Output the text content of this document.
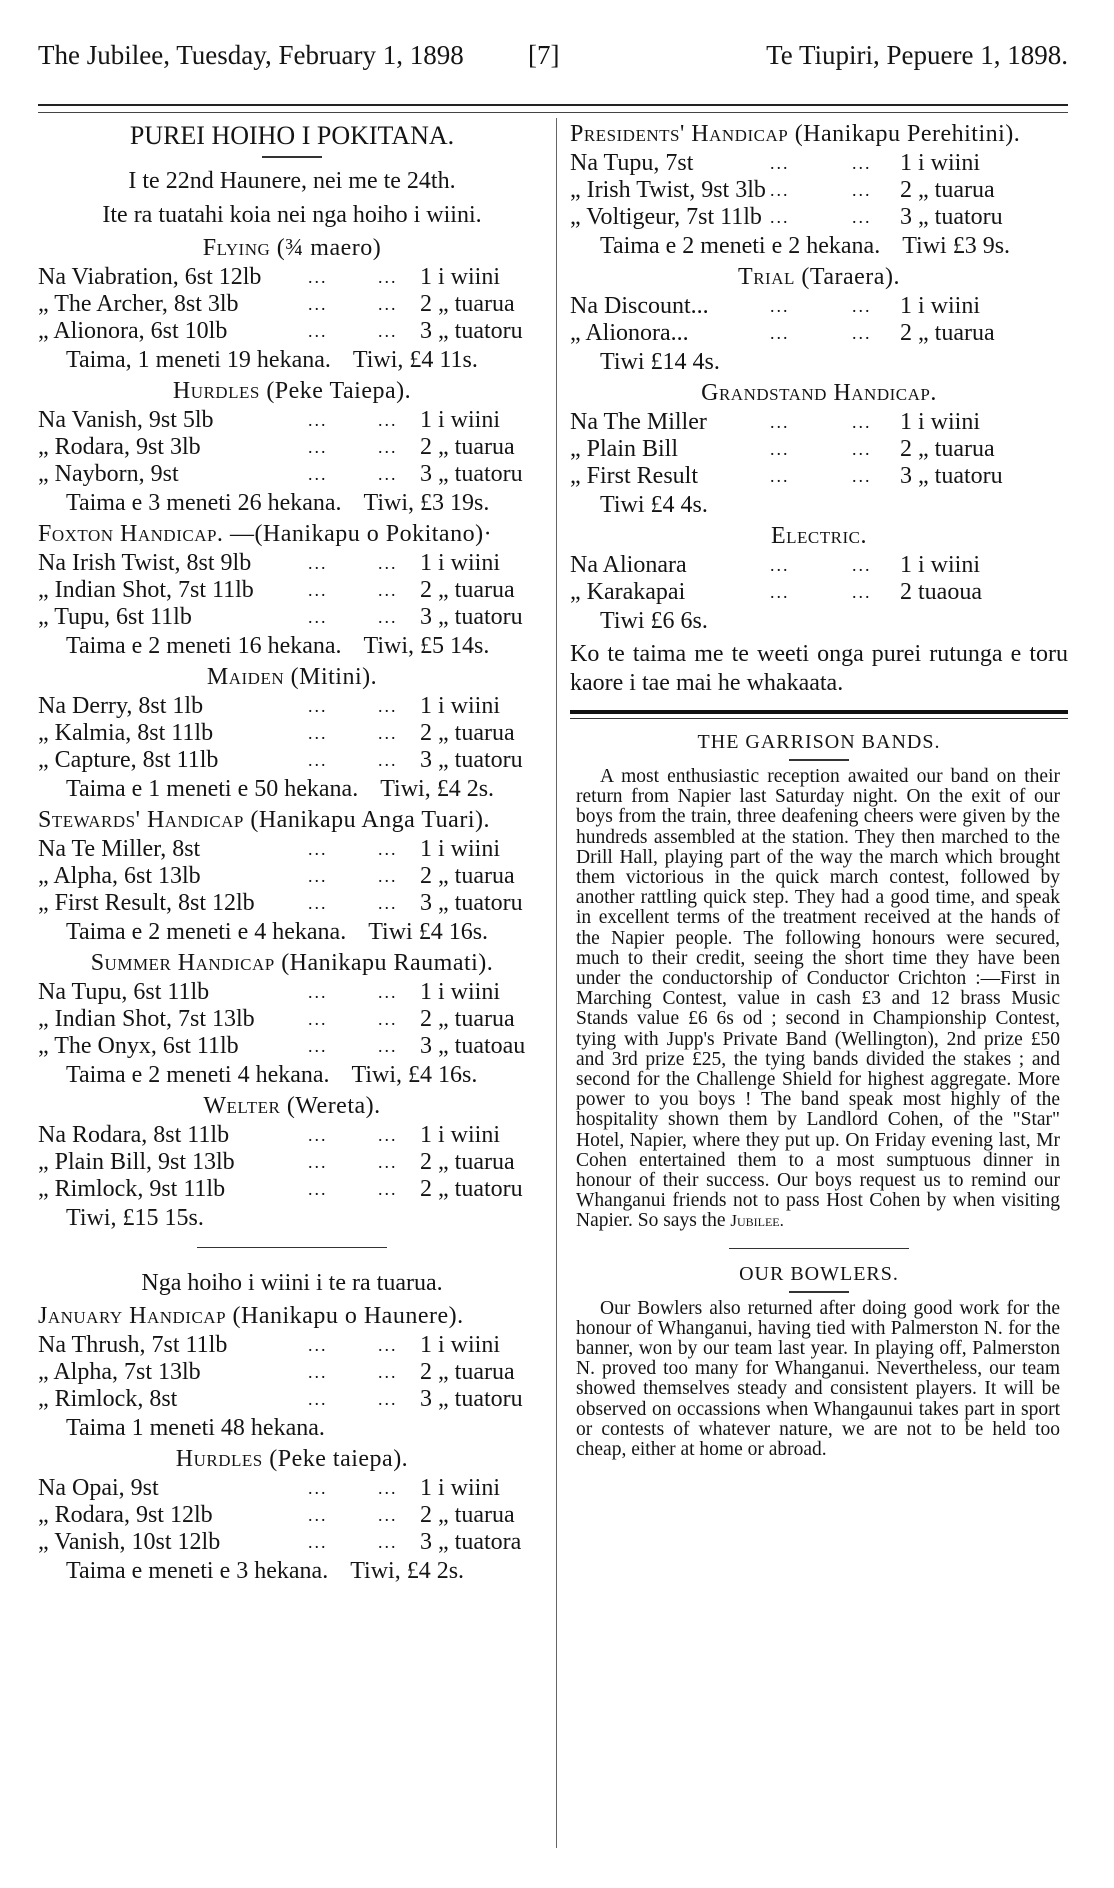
The Jubilee, Tuesday, February 1, 1898 [7]	Te Tiupiri, Pepuere 1, 1898.
PUREI HOIHO I POKITANA.
I te 22nd Haunere, nei me te 24th.
Ite ra tuatahi koia nei nga hoiho i wiini.
Flying (¾ maero)
Na Viabration, 6st 12lb	...	... 1 i wiini
„ The Archer, 8st 3lb	...	... 2 „ tuarua
„ Alionora, 6st 10lb	...	... 3 „ tuatoru
Taima, 1 meneti 19 hekana. Tiwi, £4 11s.
Hurdles (Peke Taiepa).
Na Vanish, 9st 5lb	...	... 1 i wiini
„ Rodara, 9st 3lb	...	... 2 „ tuarua
„ Nayborn, 9st	...	... 3 „ tuatoru
Taima e 3 meneti 26 hekana. Tiwi, £3 19s.
Foxton Handicap. —(Hanikapu o Pokitano)·
Na Irish Twist, 8st 9lb	...	... 1 i wiini
„ Indian Shot, 7st 11lb	...	... 2 „ tuarua
„ Tupu, 6st 11lb	...	... 3 „ tuatoru
Taima e 2 meneti 16 hekana. Tiwi, £5 14s.
Maiden (Mitini).
Na Derry, 8st 1lb	...	... 1 i wiini
„ Kalmia, 8st 11lb	...	... 2 „ tuarua
„ Capture, 8st 11lb	...	... 3 „ tuatoru
Taima e 1 meneti e 50 hekana. Tiwi, £4 2s.
Stewards' Handicap (Hanikapu Anga Tuari).
Na Te Miller, 8st	...	... 1 i wiini
„ Alpha, 6st 13lb	...	... 2 „ tuarua
„ First Result, 8st 12lb	...	... 3 „ tuatoru
Taima e 2 meneti e 4 hekana. Tiwi £4 16s.
Summer Handicap (Hanikapu Raumati).
Na Tupu, 6st 11lb	...	... 1 i wiini
„ Indian Shot, 7st 13lb	...	... 2 „ tuarua
„ The Onyx, 6st 11lb	...	... 3 „ tuatoau
Taima e 2 meneti 4 hekana. Tiwi, £4 16s.
Welter (Wereta).
Na Rodara, 8st 11lb	...	... 1 i wiini
„ Plain Bill, 9st 13lb	...	... 2 „ tuarua
„ Rimlock, 9st 11lb	...	... 2 „ tuatoru
Tiwi, £15 15s.
Nga hoiho i wiini i te ra tuarua.
January Handicap (Hanikapu o Haunere).
Na Thrush, 7st 11lb	...	... 1 i wiini
„ Alpha, 7st 13lb	...	... 2 „ tuarua
„ Rimlock, 8st	...	... 3 „ tuatoru
Taima 1 meneti 48 hekana.
Hurdles (Peke taiepa).
Na Opai, 9st	...	... 1 i wiini
„ Rodara, 9st 12lb	...	... 2 „ tuarua
„ Vanish, 10st 12lb	...	... 3 „ tuatora
Taima e meneti e 3 hekana. Tiwi, £4 2s.
Presidents' Handicap (Hanikapu Perehitini).
Na Tupu, 7st	...	... 1 i wiini
„ Irish Twist, 9st 3lb ...	... 2 „ tuarua
„ Voltigeur, 7st 11lb ...	... 3 „ tuatoru
Taima e 2 meneti e 2 hekana. Tiwi £3 9s.
Trial (Taraera).
Na Discount...	...	... 1 i wiini
„ Alionora...	...	... 2 „ tuarua
Tiwi £14 4s.
Grandstand Handicap.
Na The Miller	...	... 1 i wiini
„ Plain Bill	...	... 2 „ tuarua
„ First Result	...	... 3 „ tuatoru
Tiwi £4 4s.
Electric.
Na Alionara	...	... 1 i wiini
„ Karakapai	...	... 2 tuaoua
Tiwi £6 6s.
Ko te taima me te weeti onga purei rutunga e toru kaore i tae mai he whakaata.
THE GARRISON BANDS.
A most enthusiastic reception awaited our band on their return from Napier last Saturday night. On the exit of our boys from the train, three deafening cheers were given by the hundreds assembled at the station. They then marched to the Drill Hall, playing part of the way the march which brought them victorious in the quick march contest, followed by another rattling quick step. They had a good time, and speak in excellent terms of the treatment received at the hands of the Napier people. The following honours were secured, much to their credit, seeing the short time they have been under the conductorship of Conductor Crichton :—First in Marching Contest, value in cash £3 and 12 brass Music Stands value £6 6s od ; second in Championship Contest, tying with Jupp's Private Band (Wellington), 2nd prize £50 and 3rd prize £25, the tying bands divided the stakes ; and second for the Challenge Shield for highest aggregate. More power to you boys ! The band speak most highly of the hospitality shown them by Landlord Cohen, of the "Star" Hotel, Napier, where they put up. On Friday evening last, Mr Cohen entertained them to a most sumptuous dinner in honour of their success. Our boys request us to remind our Whanganui friends not to pass Host Cohen by when visiting Napier. So says the Jubilee.
OUR BOWLERS.
Our Bowlers also returned after doing good work for the honour of Whanganui, having tied with Palmerston N. for the banner, won by our team last year. In playing off, Palmerston N. proved too many for Whanganui. Nevertheless, our team showed themselves steady and consistent players. It will be observed on occassions when Whangaunui takes part in sport or contests of whatever nature, we are not to be held too cheap, either at home or abroad.
